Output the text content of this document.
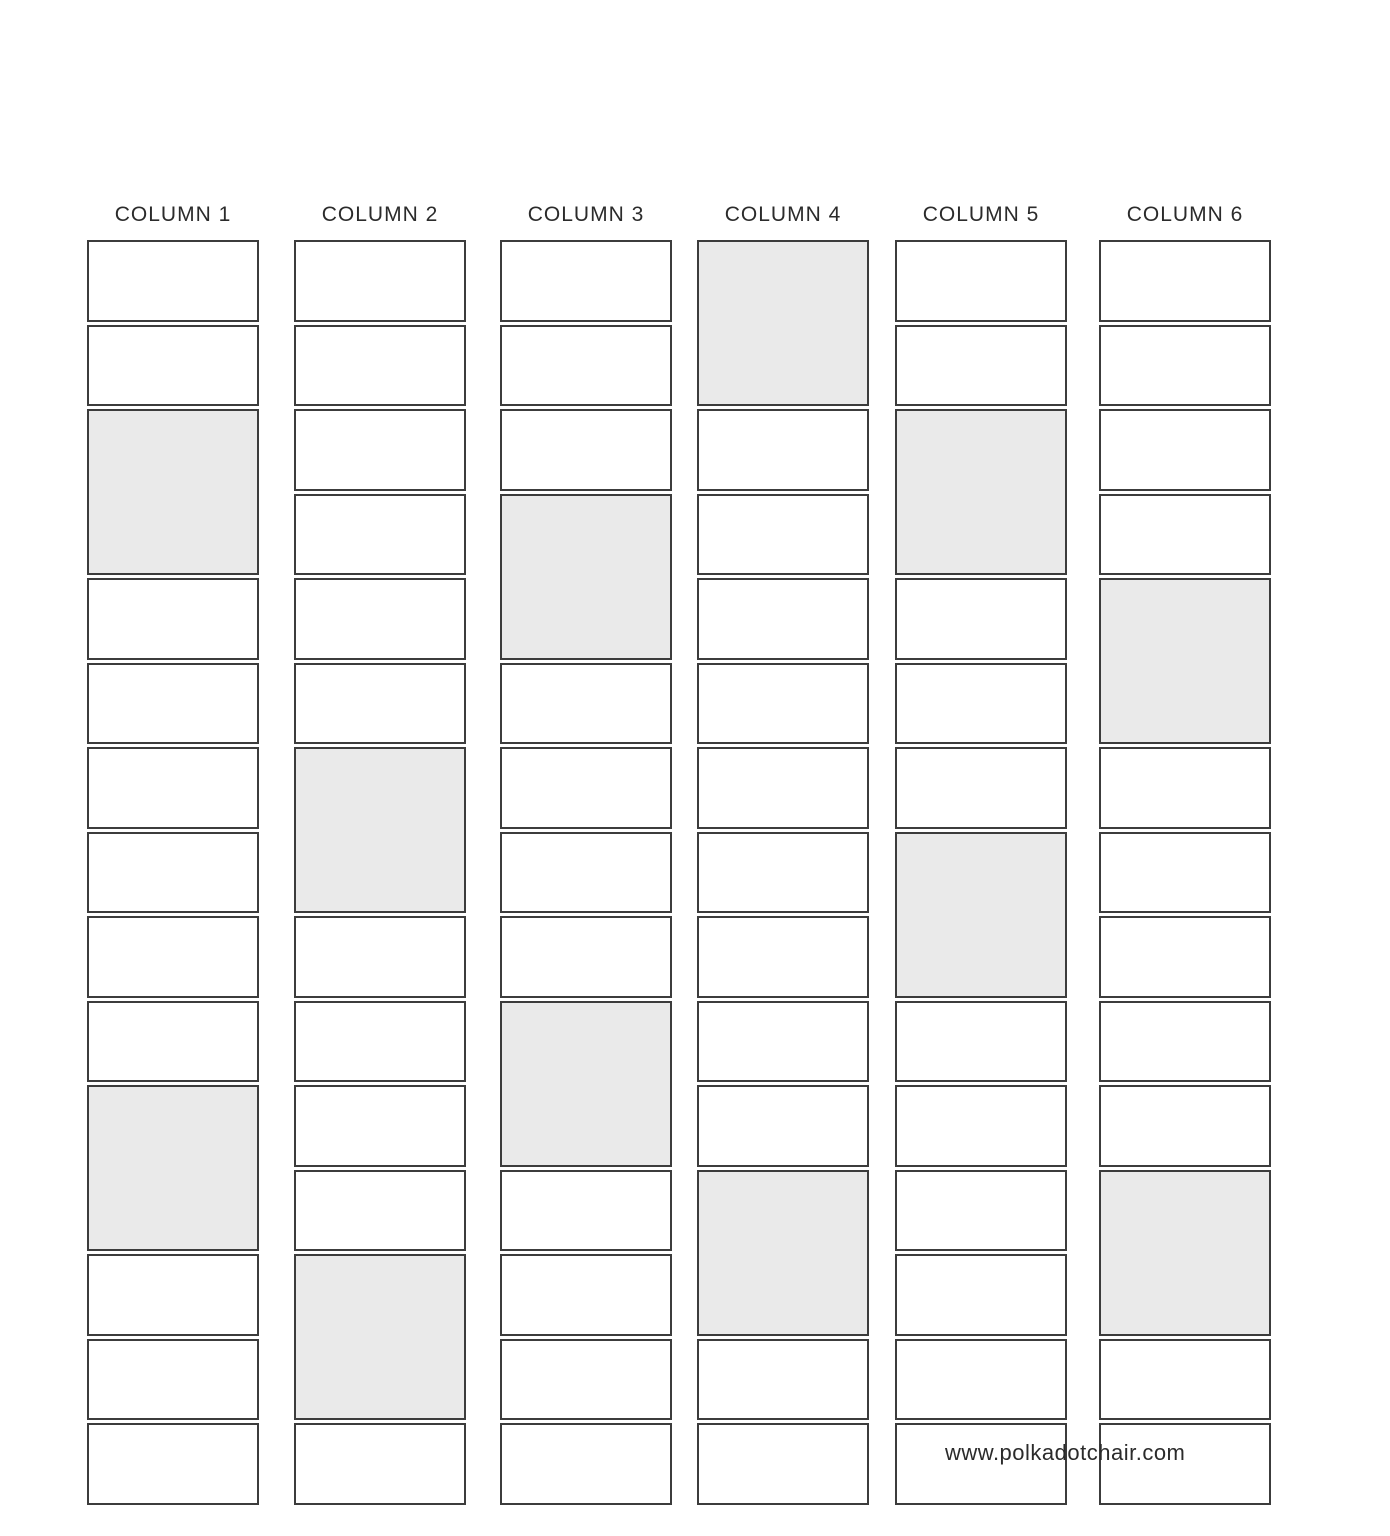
COLUMN 1	COLUMN 2	COLUMN 3	COLUMN 4	COLUMN 5	COLUMN 6
www.polkadotchair.com
